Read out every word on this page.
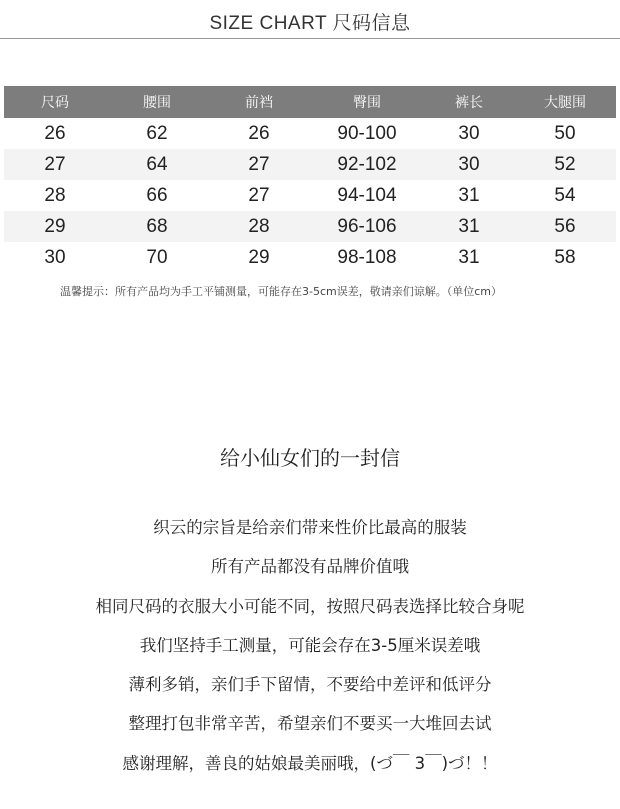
SIZE CHART 尺码信息
尺码	腰围	前裆	臀围	裤长	大腿围
26	62	26	90-100	30	50
27	64	27	92-102	30	52
28	66	27	94-104	31	54
29	68	28	96-106	31	56
30	70	29	98-108	31	58
温馨提示：所有产品均为手工平铺测量，可能存在3-5cm误差，敬请亲们谅解。（单位cm）
给小仙女们的一封信
织云的宗旨是给亲们带来性价比最高的服装
所有产品都没有品牌价值哦
相同尺码的衣服大小可能不同，按照尺码表选择比较合身呢
我们坚持手工测量，可能会存在3-5厘米误差哦
薄利多销，亲们手下留情，不要给中差评和低评分
整理打包非常辛苦，希望亲们不要买一大堆回去试
感谢理解，善良的姑娘最美丽哦，(づ￣ 3￣)づ！！
